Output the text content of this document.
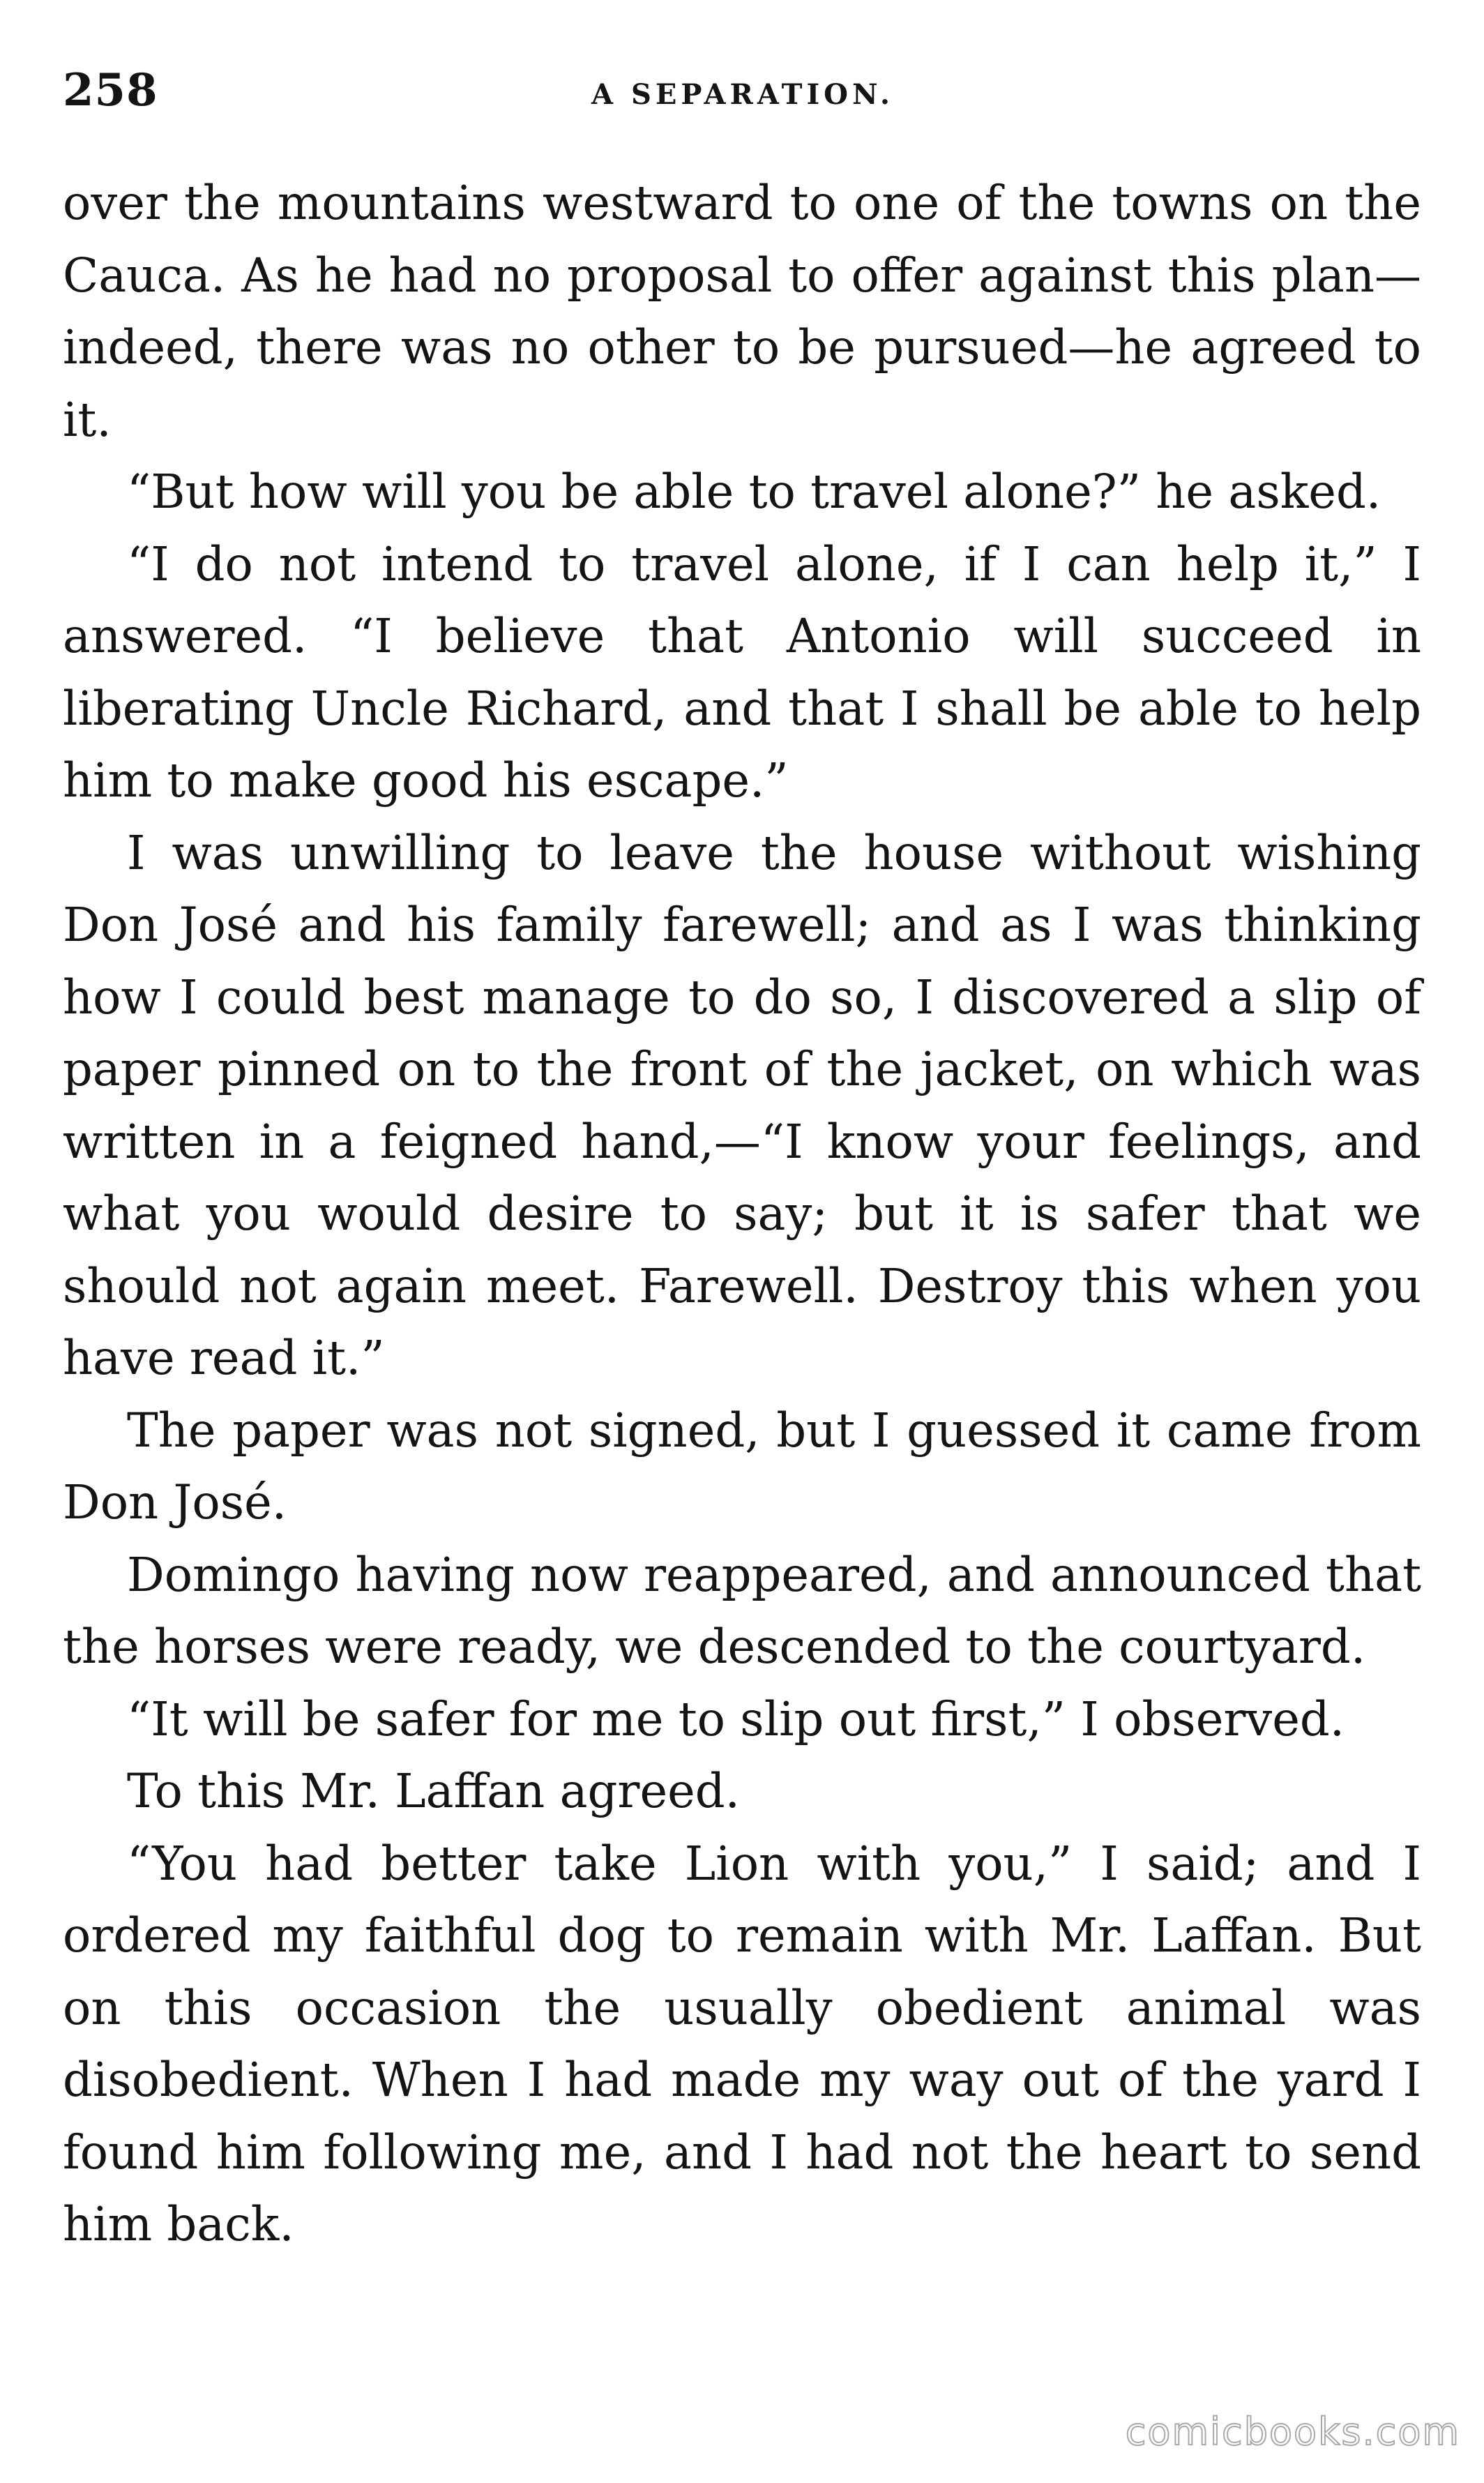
258	A SEPARATION.

over the mountains westward to one of the towns on the Cauca. As he had no proposal to offer against this plan—indeed, there was no other to be pursued—he agreed to it.

“But how will you be able to travel alone?” he asked.

“I do not intend to travel alone, if I can help it,” I answered. “I believe that Antonio will succeed in liberating Uncle Richard, and that I shall be able to help him to make good his escape.”

I was unwilling to leave the house without wishing Don José and his family farewell; and as I was thinking how I could best manage to do so, I discovered a slip of paper pinned on to the front of the jacket, on which was written in a feigned hand,—“I know your feelings, and what you would desire to say; but it is safer that we should not again meet. Farewell. Destroy this when you have read it.”

The paper was not signed, but I guessed it came from Don José.

Domingo having now reappeared, and announced that the horses were ready, we descended to the courtyard.

“It will be safer for me to slip out first,” I observed.

To this Mr. Laffan agreed.

“You had better take Lion with you,” I said; and I ordered my faithful dog to remain with Mr. Laffan. But on this occasion the usually obedient animal was disobedient. When I had made my way out of the yard I found him following me, and I had not the heart to send him back.

comicbooks.com
